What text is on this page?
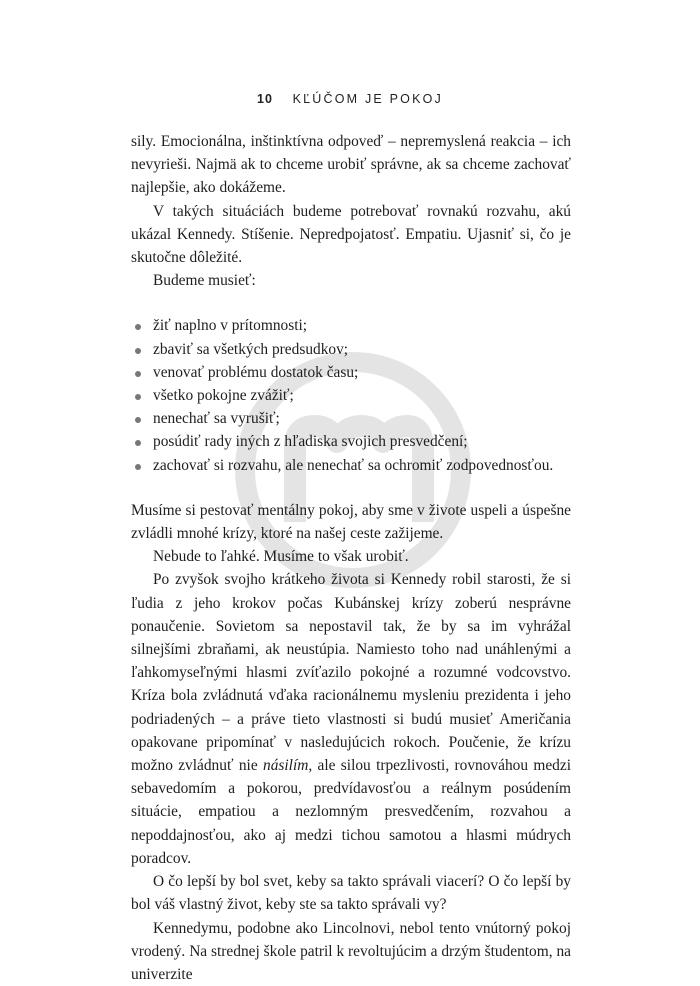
10 KĽÚČOM JE POKOJ

sily. Emocionálna, inštinktívna odpoveď – nepremyslená reakcia – ich nevyrieši. Najmä ak to chceme urobiť správne, ak sa chceme zachovať najlepšie, ako dokážeme.

V takých situáciách budeme potrebovať rovnakú rozvahu, akú ukázal Kennedy. Stíšenie. Nepredpojatosť. Empatiu. Ujasniť si, čo je skutočne dôležité.

Budeme musieť:

žiť naplno v prítomnosti;
zbaviť sa všetkých predsudkov;
venovať problému dostatok času;
všetko pokojne zvážiť;
nenechať sa vyrušiť;
posúdiť rady iných z hľadiska svojich presvedčení;
zachovať si rozvahu, ale nenechať sa ochromiť zodpovednosťou.

Musíme si pestovať mentálny pokoj, aby sme v živote uspeli a úspešne zvládli mnohé krízy, ktoré na našej ceste zažijeme.

Nebude to ľahké. Musíme to však urobiť.

Po zvyšok svojho krátkeho života si Kennedy robil starosti, že si ľudia z jeho krokov počas Kubánskej krízy zoberú nesprávne ponaučenie. Sovietom sa nepostavil tak, že by sa im vyhrážal silnejšími zbraňami, ak neustúpia. Namiesto toho nad unáhlenými a ľahkomyseľnými hlasmi zvíťazilo pokojné a rozumné vodcovstvo. Kríza bola zvládnutá vďaka racionálnemu mysleniu prezidenta i jeho podriadených – a práve tieto vlastnosti si budú musieť Američania opakovane pripomínať v nasledujúcich rokoch. Poučenie, že krízu možno zvládnuť nie násilím, ale silou trpezlivosti, rovnováhou medzi sebavedomím a pokorou, predvídavosťou a reálnym posúdením situácie, empatiou a nezlomným presvedčením, rozvahou a nepoddajnosťou, ako aj medzi tichou samotou a hlasmi múdrych poradcov.

O čo lepší by bol svet, keby sa takto správali viacerí? O čo lepší by bol váš vlastný život, keby ste sa takto správali vy?

Kennedymu, podobne ako Lincolnovi, nebol tento vnútorný pokoj vrodený. Na strednej škole patril k revoltujúcim a drzým študentom, na univerzite
